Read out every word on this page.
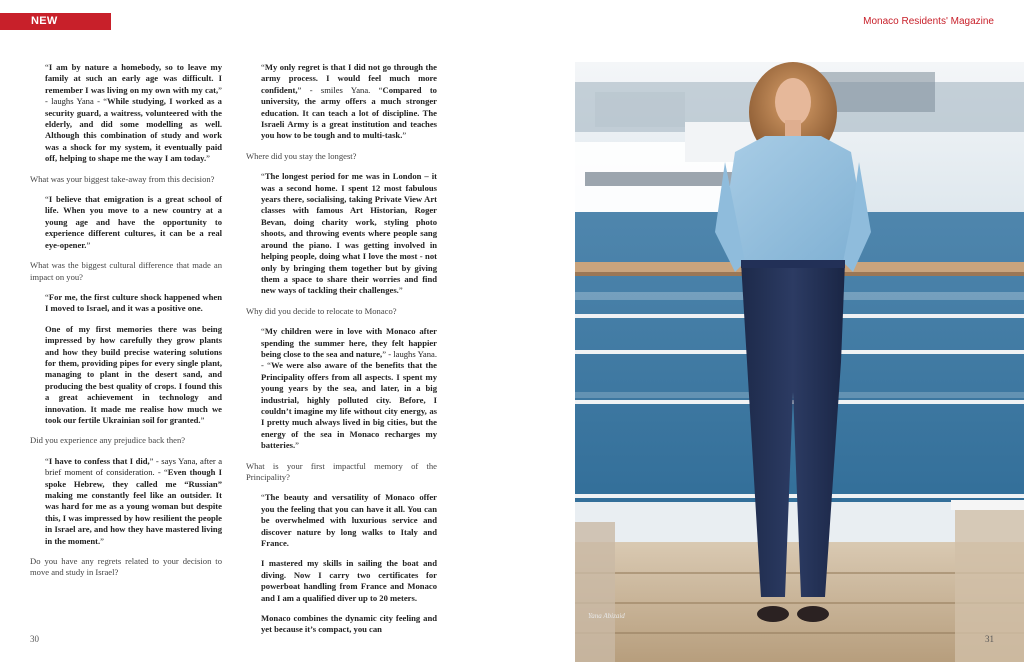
NEW RESIDENT
Monaco Residents' Magazine

“I am by nature a homebody, so to leave my family at such an early age was difficult. I remember I was living on my own with my cat,” - laughs Yana - “While studying, I worked as a security guard, a waitress, volunteered with the elderly, and did some modelling as well. Although this combination of study and work was a shock for my system, it eventually paid off, helping to shape me the way I am today.”

What was your biggest take-away from this decision?

“I believe that emigration is a great school of life. When you move to a new country at a young age and have the opportunity to experience different cultures, it can be a real eye-opener.”

What was the biggest cultural difference that made an impact on you?

“For me, the first culture shock happened when I moved to Israel, and it was a positive one.

One of my first memories there was being impressed by how carefully they grow plants and how they build precise watering solutions for them, providing pipes for every single plant, managing to plant in the desert sand, and producing the best quality of crops. I found this a great achievement in technology and innovation. It made me realise how much we took our fertile Ukrainian soil for granted.”

Did you experience any prejudice back then?

“I have to confess that I did,” - says Yana, after a brief moment of consideration. - “Even though I spoke Hebrew, they called me “Russian” making me constantly feel like an outsider. It was hard for me as a young woman but despite this, I was impressed by how resilient the people in Israel are, and how they have mastered living in the moment.”

Do you have any regrets related to your decision to move and study in Israel?

“My only regret is that I did not go through the army process. I would feel much more confident,” - smiles Yana. “Compared to university, the army offers a much stronger education. It can teach a lot of discipline. The Israeli Army is a great institution and teaches you how to be tough and to multi-task.”

Where did you stay the longest?

“The longest period for me was in London – it was a second home. I spent 12 most fabulous years there, socialising, taking Private View Art classes with famous Art Historian, Roger Bevan, doing charity work, styling photo shoots, and throwing events where people sang around the piano. I was getting involved in helping people, doing what I love the most - not only by bringing them together but by giving them a space to share their worries and find new ways of tackling their challenges.”

Why did you decide to relocate to Monaco?

“My children were in love with Monaco after spending the summer here, they felt happier being close to the sea and nature,” - laughs Yana. - “We were also aware of the benefits that the Principality offers from all aspects. I spent my young years by the sea, and later, in a big industrial, highly polluted city. Before, I couldn’t imagine my life without city energy, as I pretty much always lived in big cities, but the energy of the sea in Monaco recharges my batteries.”

What is your first impactful memory of the Principality?

“The beauty and versatility of Monaco offer you the feeling that you can have it all. You can be overwhelmed with luxurious service and discover nature by long walks to Italy and France.

I mastered my skills in sailing the boat and diving. Now I carry two certificates for powerboat handling from France and Monaco and I am a qualified diver up to 20 meters.

Monaco combines the dynamic city feeling and yet because it’s compact, you can

Yana Abizaid
30	31
